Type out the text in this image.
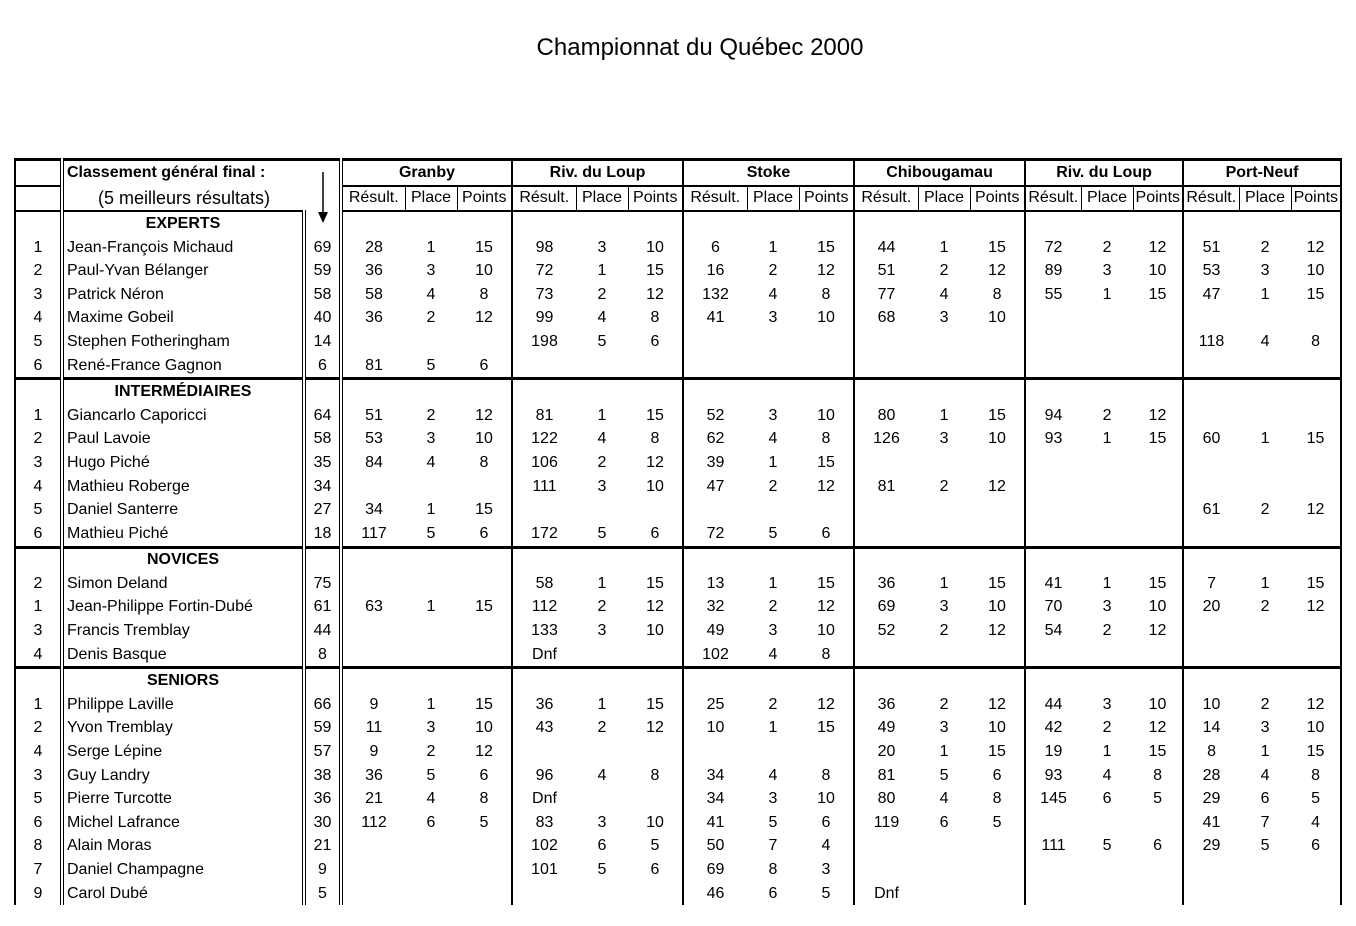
Championnat du Québec 2000
	Classement général final :		Granby			Riv. du Loup			Stoke			Chibougamau			Riv. du Loup			Port-Neuf		
	(5 meilleurs résultats)		Résult.	Place	Points	Résult.	Place	Points	Résult.	Place	Points	Résult.	Place	Points	Résult.	Place	Points	Résult.	Place	Points
	EXPERTS																			
1	Jean-François Michaud	69	28	1	15	98	3	10	6	1	15	44	1	15	72	2	12	51	2	12
2	Paul-Yvan Bélanger	59	36	3	10	72	1	15	16	2	12	51	2	12	89	3	10	53	3	10
3	Patrick Néron	58	58	4	8	73	2	12	132	4	8	77	4	8	55	1	15	47	1	15
4	Maxime Gobeil	40	36	2	12	99	4	8	41	3	10	68	3	10						
5	Stephen Fotheringham	14				198	5	6										118	4	8
6	René-France Gagnon	6	81	5	6															
	INTERMÉDIAIRES																			
1	Giancarlo Caporicci	64	51	2	12	81	1	15	52	3	10	80	1	15	94	2	12			
2	Paul Lavoie	58	53	3	10	122	4	8	62	4	8	126	3	10	93	1	15	60	1	15
3	Hugo Piché	35	84	4	8	106	2	12	39	1	15									
4	Mathieu Roberge	34				111	3	10	47	2	12	81	2	12						
5	Daniel Santerre	27	34	1	15													61	2	12
6	Mathieu Piché	18	117	5	6	172	5	6	72	5	6									
	NOVICES																			
2	Simon Deland	75				58	1	15	13	1	15	36	1	15	41	1	15	7	1	15
1	Jean-Philippe Fortin-Dubé	61	63	1	15	112	2	12	32	2	12	69	3	10	70	3	10	20	2	12
3	Francis Tremblay	44				133	3	10	49	3	10	52	2	12	54	2	12			
4	Denis Basque	8				Dnf			102	4	8									
	SENIORS																			
1	Philippe Laville	66	9	1	15	36	1	15	25	2	12	36	2	12	44	3	10	10	2	12
2	Yvon Tremblay	59	11	3	10	43	2	12	10	1	15	49	3	10	42	2	12	14	3	10
4	Serge Lépine	57	9	2	12							20	1	15	19	1	15	8	1	15
3	Guy Landry	38	36	5	6	96	4	8	34	4	8	81	5	6	93	4	8	28	4	8
5	Pierre Turcotte	36	21	4	8	Dnf			34	3	10	80	4	8	145	6	5	29	6	5
6	Michel Lafrance	30	112	6	5	83	3	10	41	5	6	119	6	5				41	7	4
8	Alain Moras	21				102	6	5	50	7	4				111	5	6	29	5	6
7	Daniel Champagne	9				101	5	6	69	8	3									
9	Carol Dubé	5							46	6	5	Dnf								
